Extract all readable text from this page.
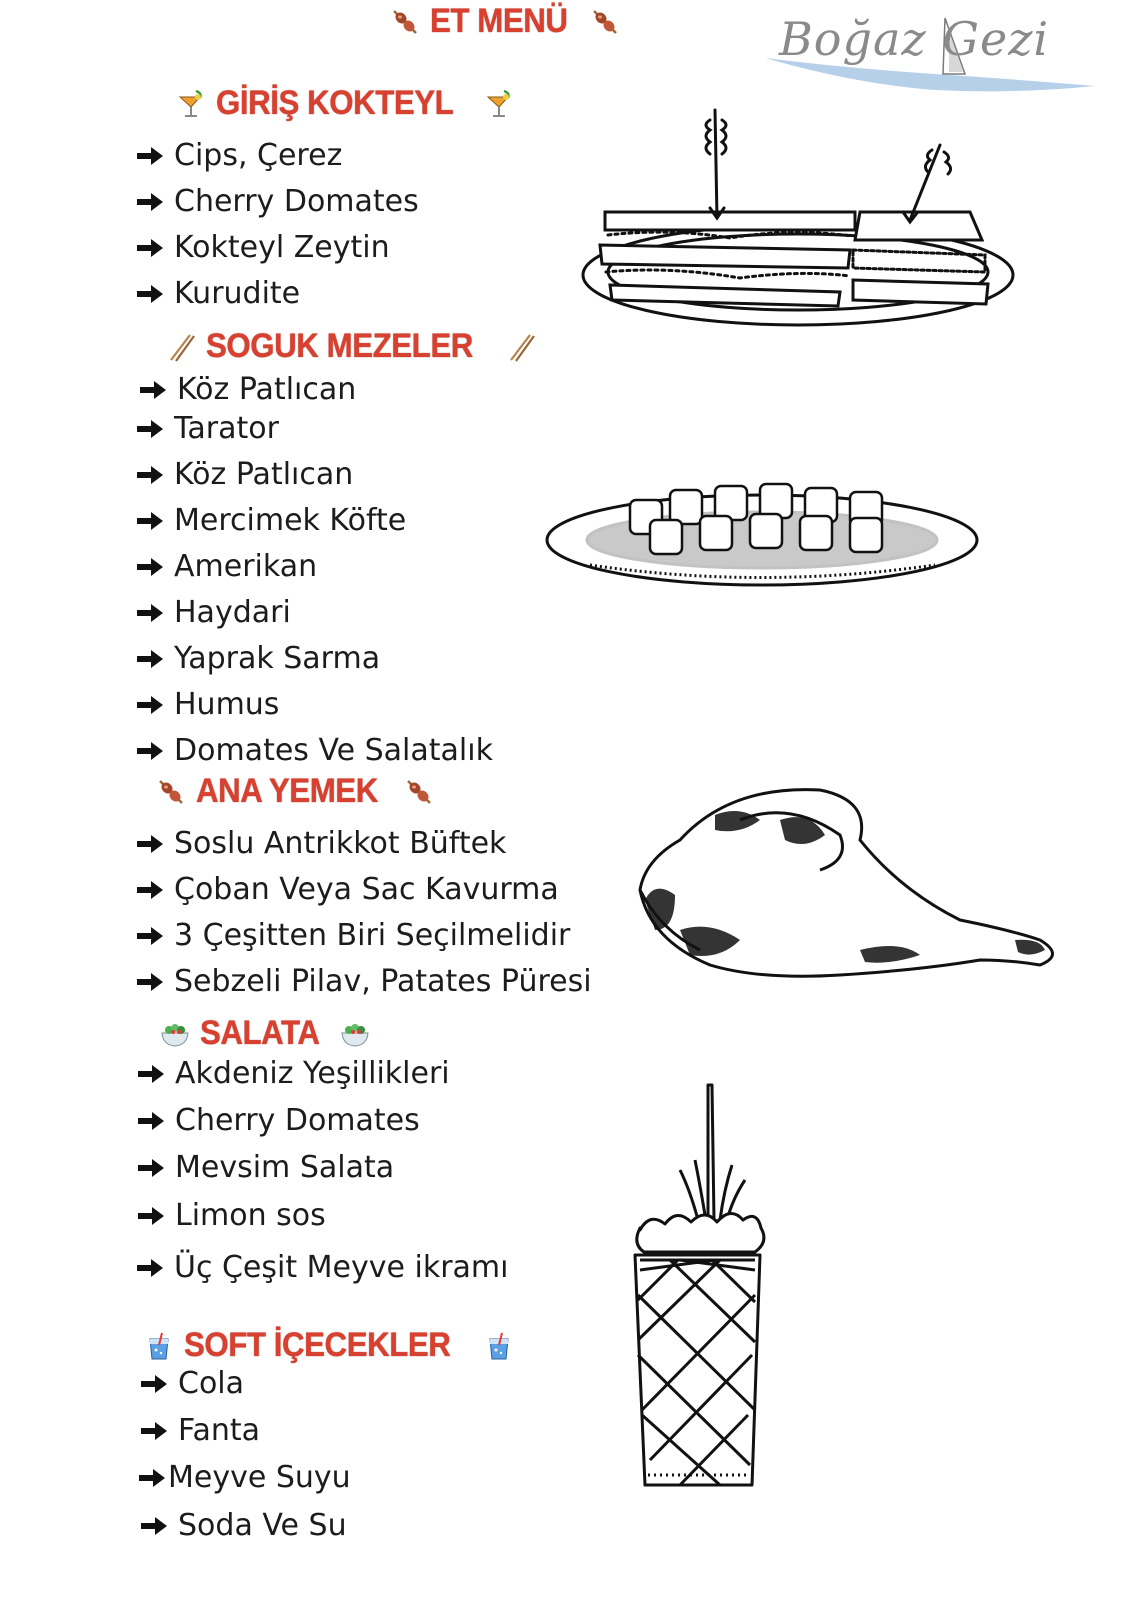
ET MENÜ	Boğaz Gezi
GİRİŞ KOKTEYL
SOGUK MEZELER
ANA YEMEK
SALATA
SOFT İÇECEKLER
Cips, Çerez
Cherry Domates
Kokteyl Zeytin
Kurudite
Köz Patlıcan
Tarator
Köz Patlıcan
Mercimek Köfte
Amerikan
Haydari
Yaprak Sarma
Humus
Domates Ve Salatalık
Soslu Antrikkot Büftek
Çoban Veya Sac Kavurma
3 Çeşitten Biri Seçilmelidir
Sebzeli Pilav, Patates Püresi
Akdeniz Yeşillikleri
Cherry Domates
Mevsim Salata
Limon sos
Üç Çeşit Meyve ikramı
Cola
Fanta
Meyve Suyu
Soda Ve Su
